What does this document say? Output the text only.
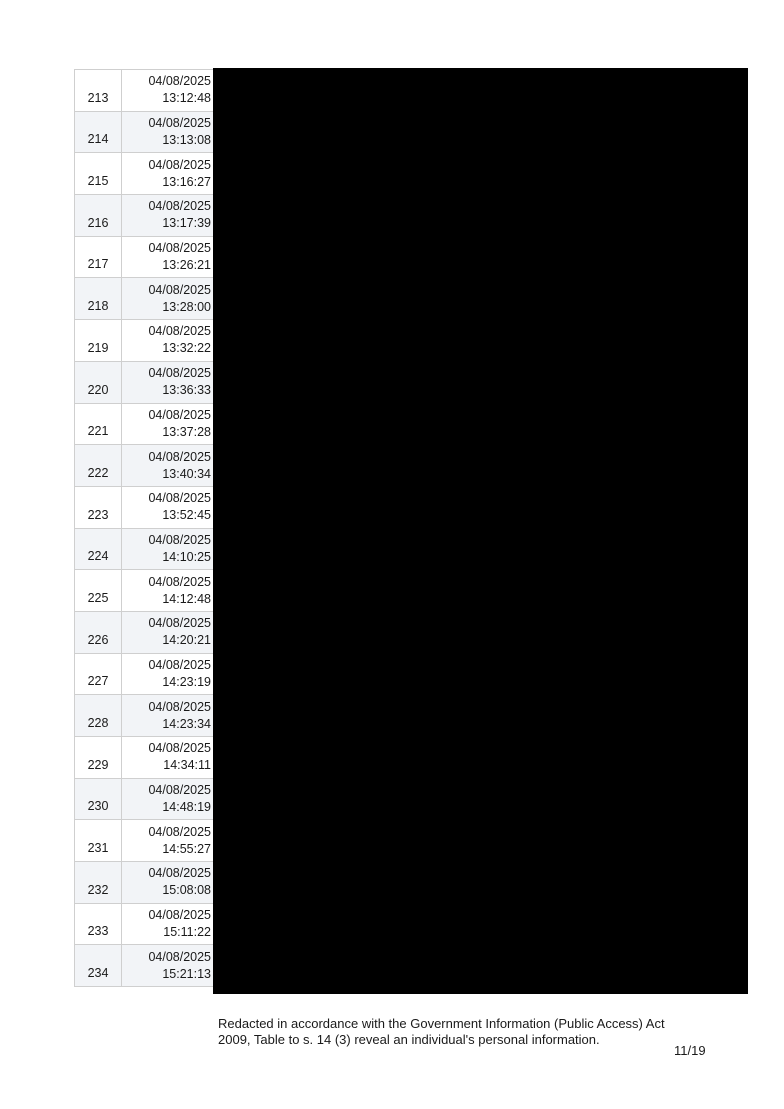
213
04/08/2025
13:12:48
214
04/08/2025
13:13:08
215
04/08/2025
13:16:27
216
04/08/2025
13:17:39
217
04/08/2025
13:26:21
218
04/08/2025
13:28:00
219
04/08/2025
13:32:22
220
04/08/2025
13:36:33
221
04/08/2025
13:37:28
222
04/08/2025
13:40:34
223
04/08/2025
13:52:45
224
04/08/2025
14:10:25
225
04/08/2025
14:12:48
226
04/08/2025
14:20:21
227
04/08/2025
14:23:19
228
04/08/2025
14:23:34
229
04/08/2025
14:34:11
230
04/08/2025
14:48:19
231
04/08/2025
14:55:27
232
04/08/2025
15:08:08
233
04/08/2025
15:11:22
234
04/08/2025
15:21:13
Redacted in accordance with the Government Information (Public Access) Act
2009, Table to s. 14 (3) reveal an individual's personal information.
11/19
